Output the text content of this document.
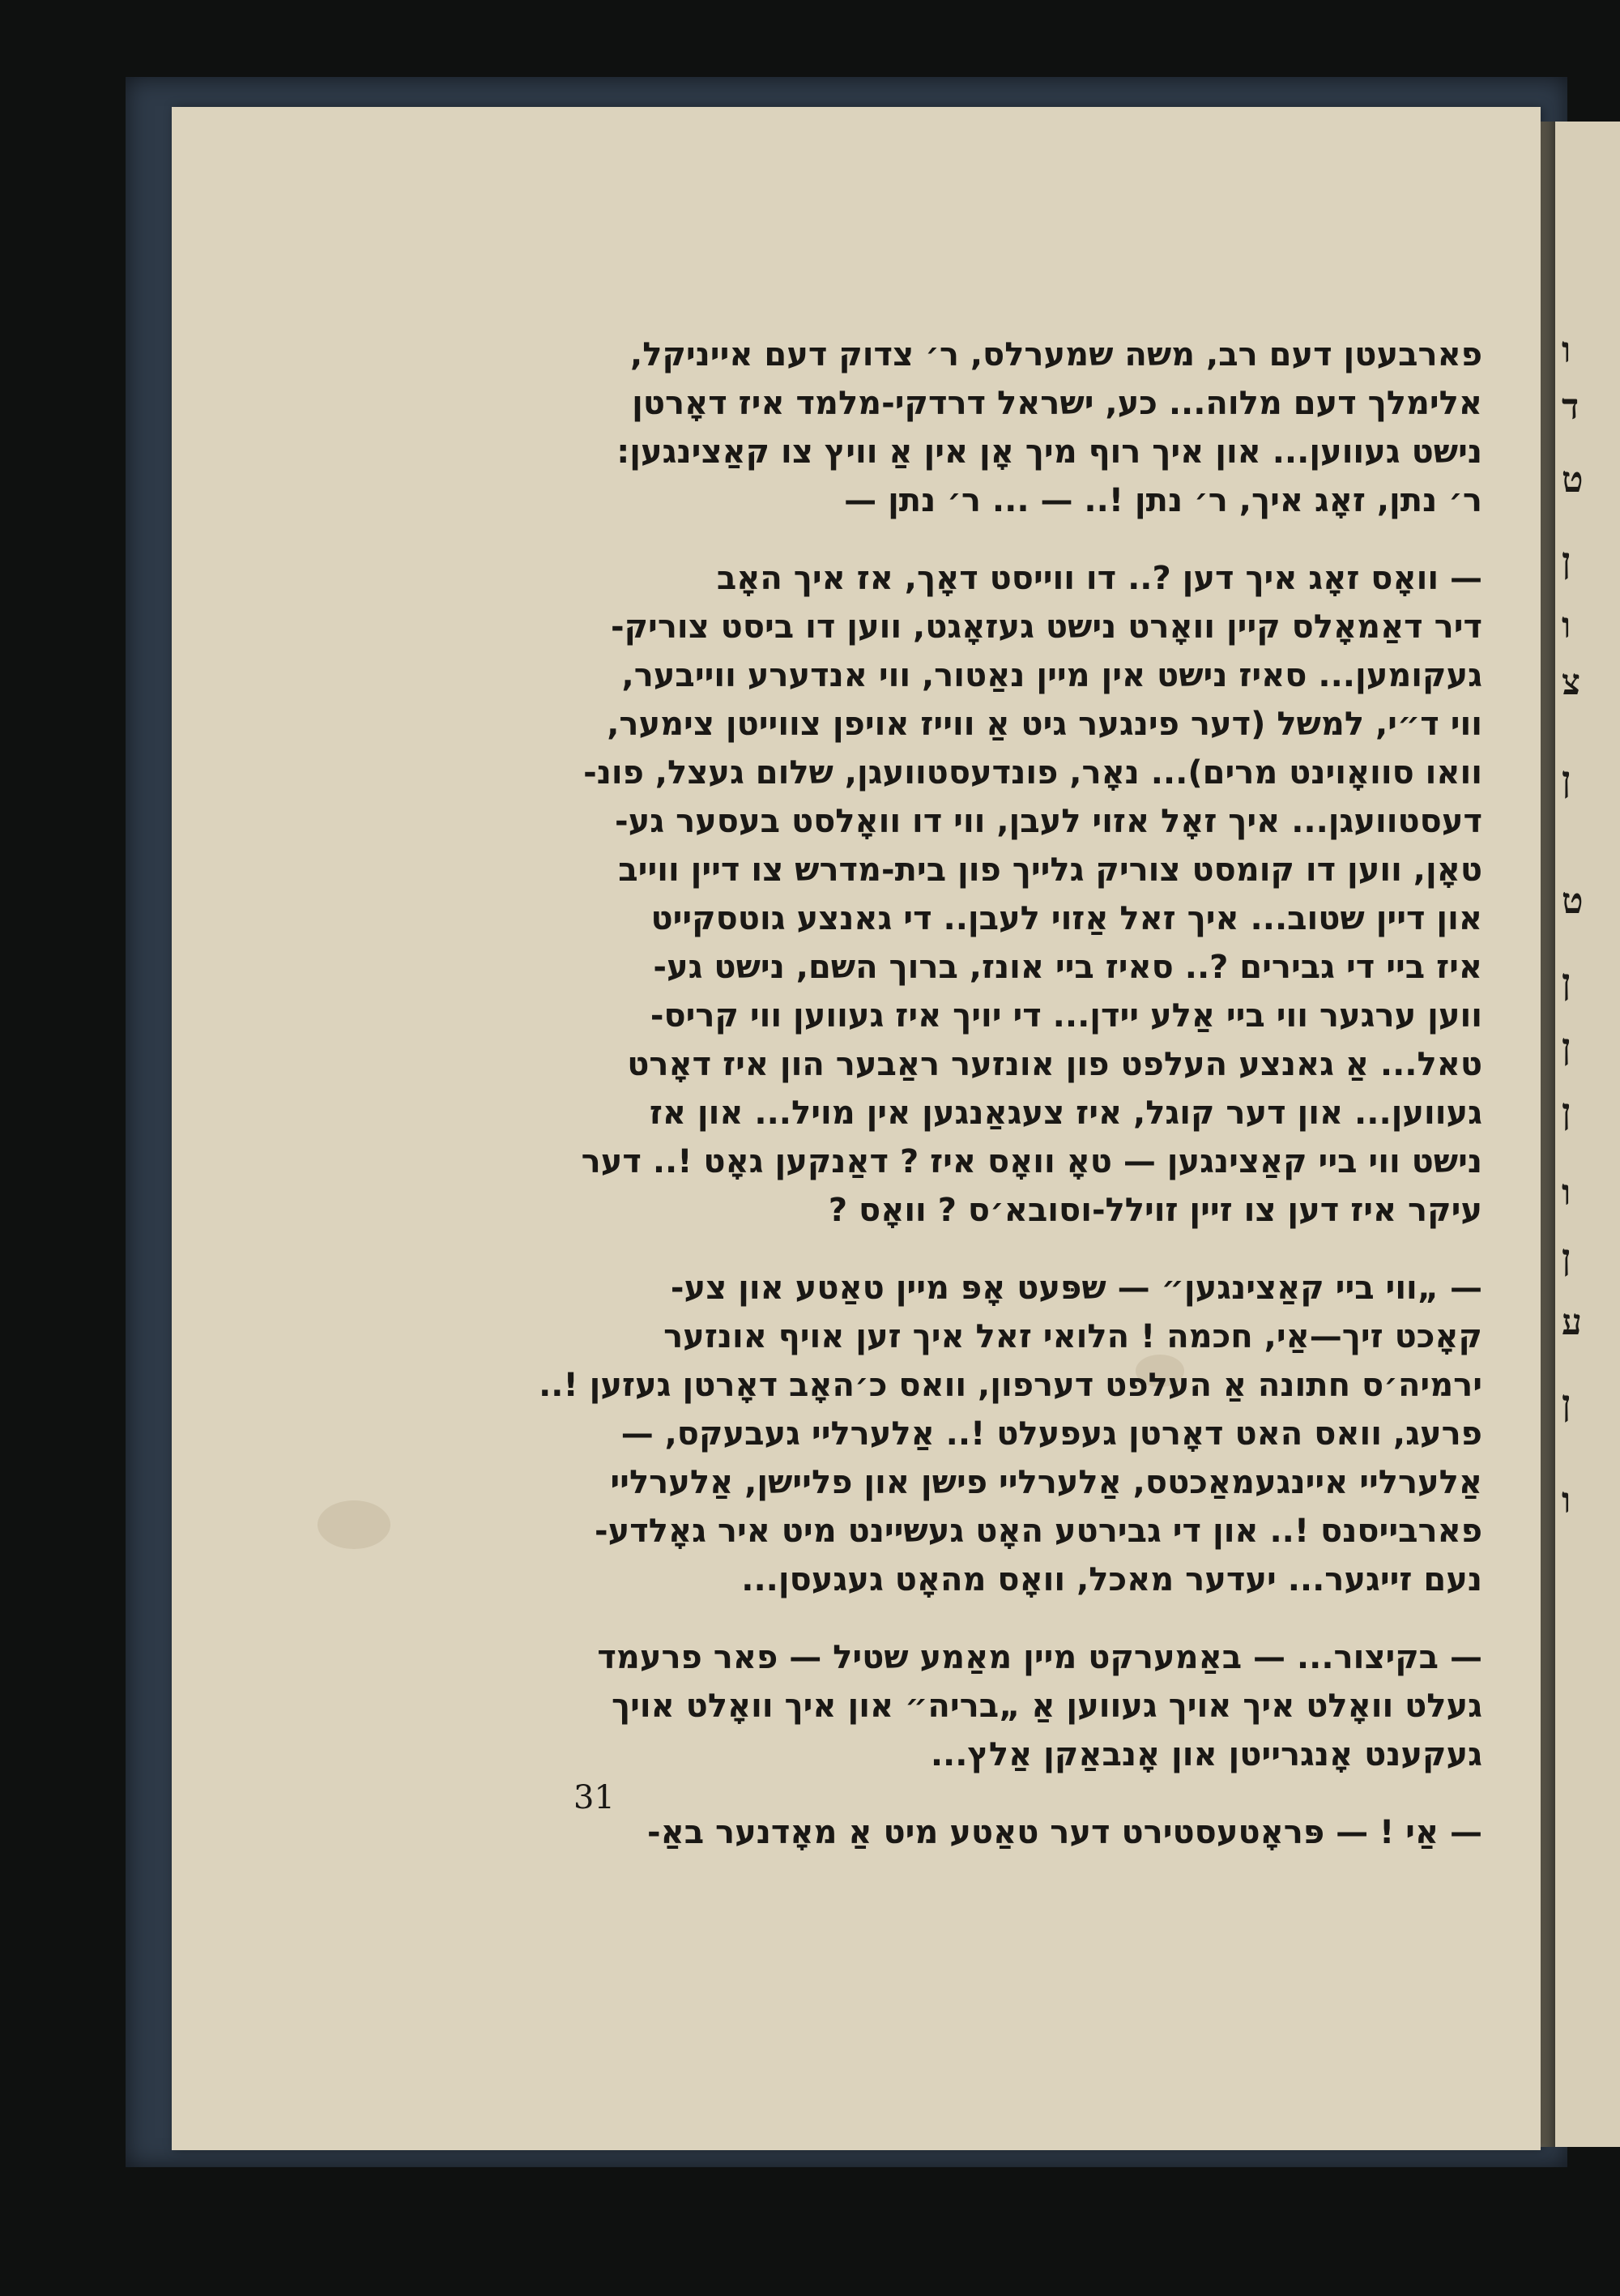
ו
ד
ט
ן
ו
צ
ן
ט
ן
ן
ן
ו
ן
ע
ן
ו
פארבעטן דעם רב, משה שמערלס, ר׳ צדוק דעם אייניקל,
אלימלך דעם מלוה... כע, ישראל דרדקי-מלמד איז דאָרטן
נישט געווען... און איך רוף מיך אָן אין אַ וויץ צו קאַצינגען:
ר׳ נתן, זאָג איך, ר׳ נתן !.. — ... ר׳ נתן —
— וואָס זאָג איך דען ?.. דו ווייסט דאָך, אז איך האָב
דיר דאַמאָלס קיין וואָרט נישט געזאָגט, ווען דו ביסט צוריק-
געקומען... סאיז נישט אין מיין נאַטור, ווי אנדערע ווייבער,
ווי ד״י, למשל (דער פינגער גיט אַ ווייז אויפן צווייטן צימער,
וואו סוואָוינט מרים)... נאָר, פונדעסטוועגן, שלום געצל, פונ-
דעסטוועגן... איך זאָל אזוי לעבן, ווי דו וואָלסט בעסער גע-
טאָן, ווען דו קומסט צוריק גלייך פון בית-מדרש צו דיין ווייב
און דיין שטוב... איך זאל אַזוי לעבן.. די גאנצע גוטסקייט
איז ביי די גבירים ?.. סאיז ביי אונז, ברוך השם, נישט גע-
ווען ערגער ווי ביי אַלע יידן... די יויך איז געווען ווי קריס-
טאל... אַ גאנצע העלפט פון אונזער ראַבער הון איז דאָרט
געווען... און דער קוגל, איז צעגאַנגען אין מויל... און אז
נישט ווי ביי קאַצינגען — טאָ וואָס איז ? דאַנקען גאָט !.. דער
עיקר איז דען צו זיין זוילל-וסובא׳ס ? וואָס ?
— „ווי ביי קאַצינגען״ — שפּעט אָפּ מיין טאַטע און צע-
קאָכט זיך—אַי, חכמה ! הלואי זאל איך זען אויף אונזער
ירמיה׳ס חתונה אַ העלפט דערפון, וואס כ׳האָב דאָרטן געזען !..
פרעג, וואס האט דאָרטן געפעלט !.. אַלערליי געבעקס, —
אַלערליי איינגעמאַכטס, אַלערליי פישן און פליישן, אַלערליי
פארבייסנס !.. און די גבירטע האָט געשיינט מיט איר גאָלדע-
נעם זייגער... יעדער מאכל, וואָס מהאָט געגעסן...
— בקיצור... — באַמערקט מיין מאַמע שטיל — פאר פרעמד
געלט וואָלט איך אויך געווען אַ „בריה״ און איך וואָלט אויך
געקענט אָנגרייטן און אָנבאַקן אַלץ...
— אַי ! — פּראָטעסטירט דער טאַטע מיט אַ מאָדנער באַ-
31
